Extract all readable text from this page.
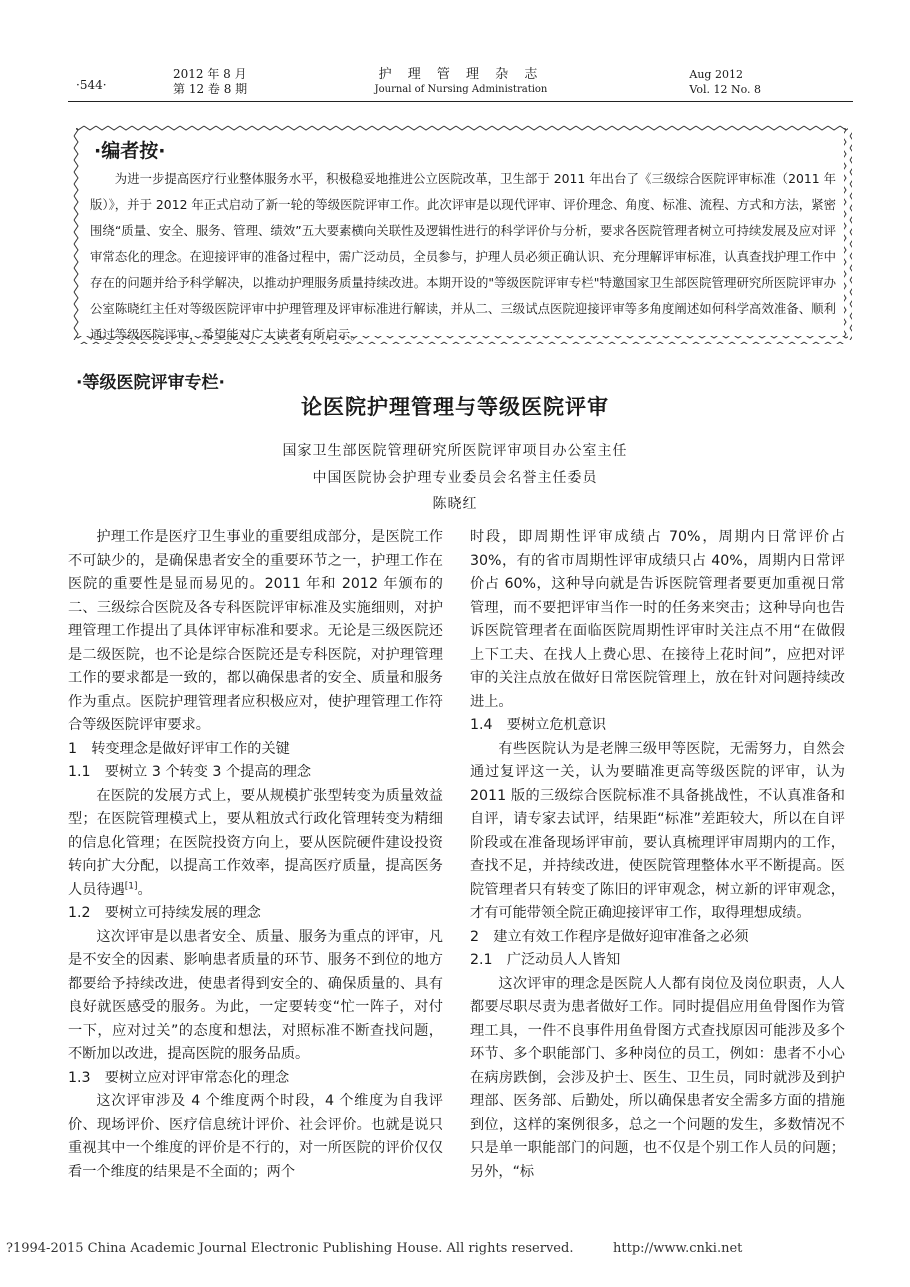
·544·
2012 年 8 月
第 12 卷 8 期
护 理 管 理 杂 志
Journal of Nursing Administration
Aug 2012
Vol. 12 No. 8
·编者按·
为进一步提高医疗行业整体服务水平，积极稳妥地推进公立医院改革，卫生部于 2011 年出台了《三级综合医院评审标准（2011 年版）》，并于 2012 年正式启动了新一轮的等级医院评审工作。此次评审是以现代评审、评价理念、角度、标准、流程、方式和方法，紧密围绕“质量、安全、服务、管理、绩效”五大要素横向关联性及逻辑性进行的科学评价与分析，要求各医院管理者树立可持续发展及应对评审常态化的理念。在迎接评审的准备过程中，需广泛动员，全员参与，护理人员必须正确认识、充分理解评审标准，认真查找护理工作中存在的问题并给予科学解决，以推动护理服务质量持续改进。本期开设的"等级医院评审专栏"特邀国家卫生部医院管理研究所医院评审办公室陈晓红主任对等级医院评审中护理管理及评审标准进行解读，并从二、三级试点医院迎接评审等多角度阐述如何科学高效准备、顺利通过等级医院评审，希望能对广大读者有所启示。
·等级医院评审专栏·
论医院护理管理与等级医院评审
国家卫生部医院管理研究所医院评审项目办公室主任
中国医院协会护理专业委员会名誉主任委员
陈晓红
护理工作是医疗卫生事业的重要组成部分，是医院工作不可缺少的，是确保患者安全的重要环节之一，护理工作在医院的重要性是显而易见的。2011 年和 2012 年颁布的二、三级综合医院及各专科医院评审标准及实施细则，对护理管理工作提出了具体评审标准和要求。无论是三级医院还是二级医院，也不论是综合医院还是专科医院，对护理管理工作的要求都是一致的，都以确保患者的安全、质量和服务作为重点。医院护理管理者应积极应对，使护理管理工作符合等级医院评审要求。
1　转变理念是做好评审工作的关键
1.1　要树立 3 个转变 3 个提高的理念
在医院的发展方式上，要从规模扩张型转变为质量效益型；在医院管理模式上，要从粗放式行政化管理转变为精细的信息化管理；在医院投资方向上，要从医院硬件建设投资转向扩大分配，以提高工作效率，提高医疗质量，提高医务人员待遇[1]。
1.2　要树立可持续发展的理念
这次评审是以患者安全、质量、服务为重点的评审，凡是不安全的因素、影响患者质量的环节、服务不到位的地方都要给予持续改进，使患者得到安全的、确保质量的、具有良好就医感受的服务。为此，一定要转变“忙一阵子，对付一下，应对过关”的态度和想法，对照标准不断查找问题，不断加以改进，提高医院的服务品质。
1.3　要树立应对评审常态化的理念
这次评审涉及 4 个维度两个时段，4 个维度为自我评价、现场评价、医疗信息统计评价、社会评价。也就是说只重视其中一个维度的评价是不行的，对一所医院的评价仅仅看一个维度的结果是不全面的；两个
时段，即周期性评审成绩占 70%，周期内日常评价占 30%，有的省市周期性评审成绩只占 40%，周期内日常评价占 60%，这种导向就是告诉医院管理者要更加重视日常管理，而不要把评审当作一时的任务来突击；这种导向也告诉医院管理者在面临医院周期性评审时关注点不用“在做假上下工夫、在找人上费心思、在接待上花时间”，应把对评审的关注点放在做好日常医院管理上，放在针对问题持续改进上。
1.4　要树立危机意识
有些医院认为是老牌三级甲等医院，无需努力，自然会通过复评这一关，认为要瞄准更高等级医院的评审，认为 2011 版的三级综合医院标准不具备挑战性，不认真准备和自评，请专家去试评，结果距“标准”差距较大，所以在自评阶段或在准备现场评审前，要认真梳理评审周期内的工作，查找不足，并持续改进，使医院管理整体水平不断提高。医院管理者只有转变了陈旧的评审观念，树立新的评审观念，才有可能带领全院正确迎接评审工作，取得理想成绩。
2　建立有效工作程序是做好迎审准备之必须
2.1　广泛动员人人皆知
这次评审的理念是医院人人都有岗位及岗位职责，人人都要尽职尽责为患者做好工作。同时提倡应用鱼骨图作为管理工具，一件不良事件用鱼骨图方式查找原因可能涉及多个环节、多个职能部门、多种岗位的员工，例如：患者不小心在病房跌倒，会涉及护士、医生、卫生员，同时就涉及到护理部、医务部、后勤处，所以确保患者安全需多方面的措施到位，这样的案例很多，总之一个问题的发生，多数情况不只是单一职能部门的问题，也不仅是个别工作人员的问题；另外，“标
?1994-2015 China Academic Journal Electronic Publishing House. All rights reserved.	http://www.cnki.net
